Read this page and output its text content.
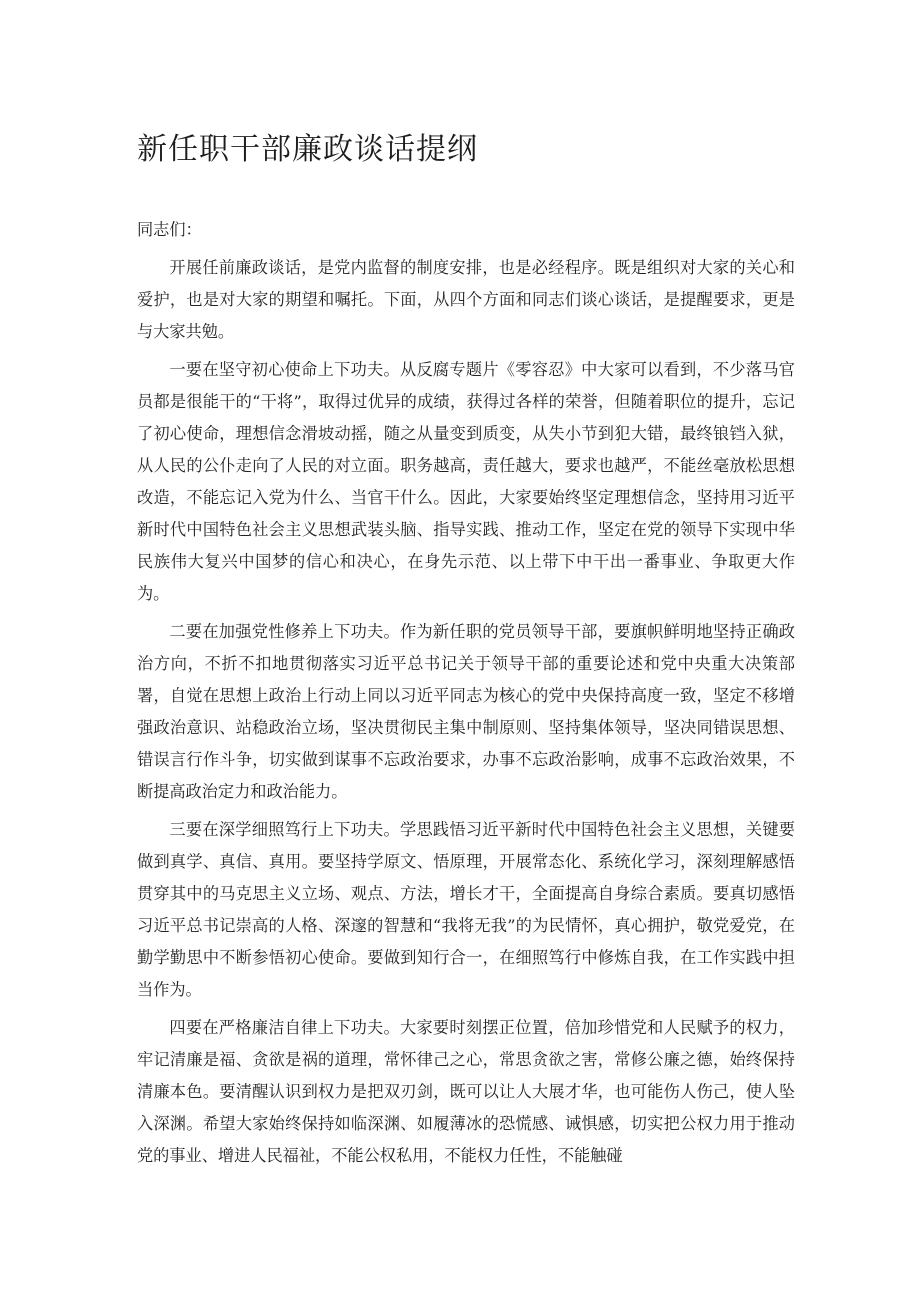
新任职干部廉政谈话提纲

同志们：

开展任前廉政谈话，是党内监督的制度安排，也是必经程序。既是组织对大家的关心和爱护，也是对大家的期望和嘱托。下面，从四个方面和同志们谈心谈话，是提醒要求，更是与大家共勉。

一要在坚守初心使命上下功夫。从反腐专题片《零容忍》中大家可以看到，不少落马官员都是很能干的“干将”，取得过优异的成绩，获得过各样的荣誉，但随着职位的提升，忘记了初心使命，理想信念滑坡动摇，随之从量变到质变，从失小节到犯大错，最终锒铛入狱，从人民的公仆走向了人民的对立面。职务越高，责任越大，要求也越严，不能丝毫放松思想改造，不能忘记入党为什么、当官干什么。因此，大家要始终坚定理想信念，坚持用习近平新时代中国特色社会主义思想武装头脑、指导实践、推动工作，坚定在党的领导下实现中华民族伟大复兴中国梦的信心和决心，在身先示范、以上带下中干出一番事业、争取更大作为。

二要在加强党性修养上下功夫。作为新任职的党员领导干部，要旗帜鲜明地坚持正确政治方向，不折不扣地贯彻落实习近平总书记关于领导干部的重要论述和党中央重大决策部署，自觉在思想上政治上行动上同以习近平同志为核心的党中央保持高度一致，坚定不移增强政治意识、站稳政治立场，坚决贯彻民主集中制原则、坚持集体领导，坚决同错误思想、错误言行作斗争，切实做到谋事不忘政治要求，办事不忘政治影响，成事不忘政治效果，不断提高政治定力和政治能力。

三要在深学细照笃行上下功夫。学思践悟习近平新时代中国特色社会主义思想，关键要做到真学、真信、真用。要坚持学原文、悟原理，开展常态化、系统化学习，深刻理解感悟贯穿其中的马克思主义立场、观点、方法，增长才干，全面提高自身综合素质。要真切感悟习近平总书记崇高的人格、深邃的智慧和“我将无我”的为民情怀，真心拥护，敬党爱党，在勤学勤思中不断参悟初心使命。要做到知行合一，在细照笃行中修炼自我，在工作实践中担当作为。

四要在严格廉洁自律上下功夫。大家要时刻摆正位置，倍加珍惜党和人民赋予的权力，牢记清廉是福、贪欲是祸的道理，常怀律己之心，常思贪欲之害，常修公廉之德，始终保持清廉本色。要清醒认识到权力是把双刃剑，既可以让人大展才华，也可能伤人伤己，使人坠入深渊。希望大家始终保持如临深渊、如履薄冰的恐慌感、诫惧感，切实把公权力用于推动党的事业、增进人民福祉，不能公权私用，不能权力任性，不能触碰
